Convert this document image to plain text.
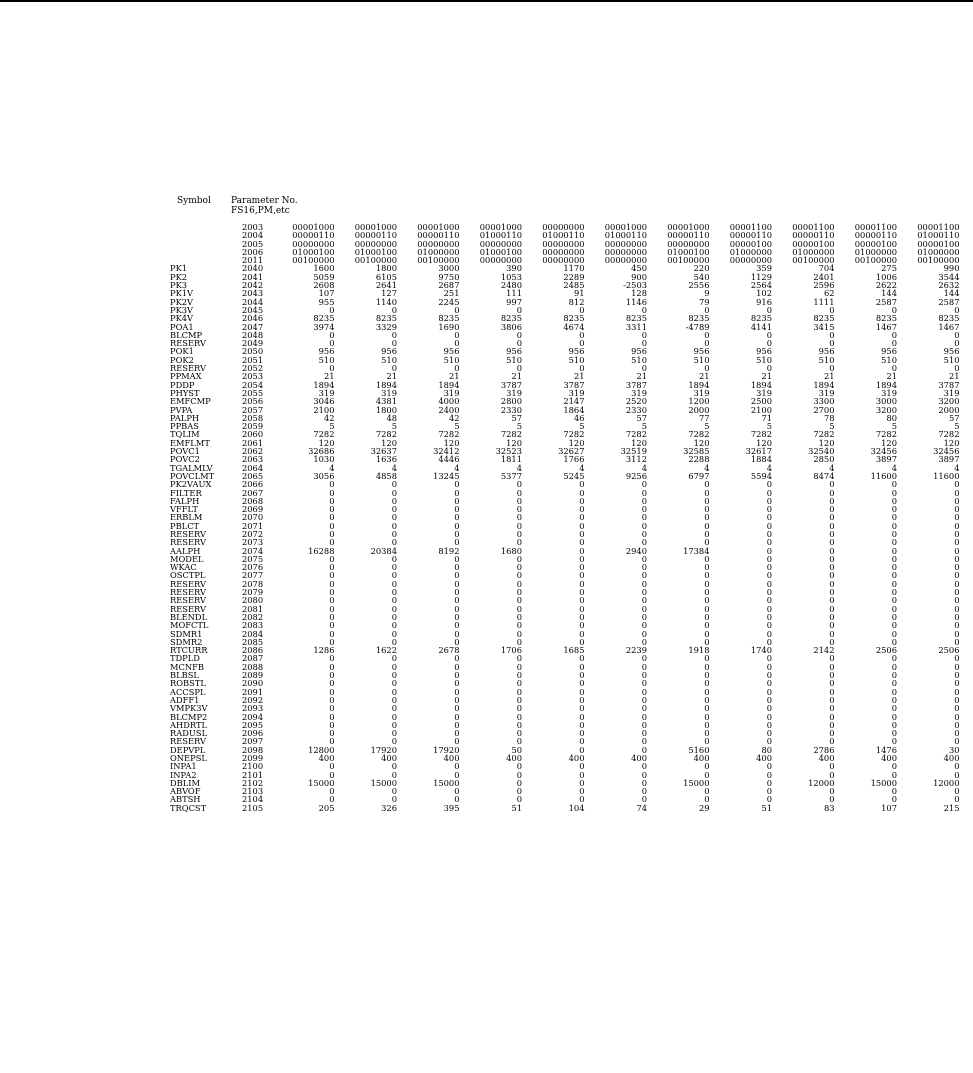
Symbol Parameter No.
FS16,PM,etc
	2003	00001000	00001000	00001000	00001000	00000000	00001000	00001000	00001100	00001100	00001100	00001100
	2004	00000110	00000110	00000110	01000110	01000110	01000110	00000110	00000110	00000110	00000110	01000110
	2005	00000000	00000000	00000000	00000000	00000000	00000000	00000000	00000100	00000100	00000100	00000100
	2006	01000100	01000100	01000000	01000100	00000000	00000000	01000100	01000000	01000000	01000000	01000000
	2011	00100000	00100000	00100000	00000000	00000000	00000000	00100000	00000000	00100000	00100000	00100000
PK1	2040	1600	1800	3000	390	1170	450	220	359	704	275	990
PK2	2041	5059	6105	9750	1053	2289	900	540	1129	2401	1006	3544
PK3	2042	2608	2641	2687	2480	2485	-2503	2556	2564	2596	2622	2632
PK1V	2043	107	127	251	111	91	128	9	102	62	144	144
PK2V	2044	955	1140	2245	997	812	1146	79	916	1111	2587	2587
PK3V	2045	0	0	0	0	0	0	0	0	0	0	0
PK4V	2046	8235	8235	8235	8235	8235	8235	8235	8235	8235	8235	8235
POA1	2047	3974	3329	1690	3806	4674	3311	-4789	4141	3415	1467	1467
BLCMP	2048	0	0	0	0	0	0	0	0	0	0	0
RESERV	2049	0	0	0	0	0	0	0	0	0	0	0
POK1	2050	956	956	956	956	956	956	956	956	956	956	956
POK2	2051	510	510	510	510	510	510	510	510	510	510	510
RESERV	2052	0	0	0	0	0	0	0	0	0	0	0
PPMAX	2053	21	21	21	21	21	21	21	21	21	21	21
PDDP	2054	1894	1894	1894	3787	3787	3787	1894	1894	1894	1894	3787
PHYST	2055	319	319	319	319	319	319	319	319	319	319	319
EMFCMP	2056	3046	4381	4000	2800	2147	2520	1200	2500	3300	3000	3200
PVPA	2057	2100	1800	2400	2330	1864	2330	2000	2100	2700	3200	2000
PALPH	2058	42	48	42	57	46	57	77	71	78	80	57
PPBAS	2059	5	5	5	5	5	5	5	5	5	5	5
TQLIM	2060	7282	7282	7282	7282	7282	7282	7282	7282	7282	7282	7282
EMFLMT	2061	120	120	120	120	120	120	120	120	120	120	120
POVC1	2062	32686	32637	32412	32523	32627	32519	32585	32617	32540	32456	32456
POVC2	2063	1030	1636	4446	1811	1766	3112	2288	1884	2850	3897	3897
TGALMLV	2064	4	4	4	4	4	4	4	4	4	4	4
POVCLMT	2065	3056	4858	13245	5377	5245	9256	6797	5594	8474	11600	11600
PK2VAUX	2066	0	0	0	0	0	0	0	0	0	0	0
FILTER	2067	0	0	0	0	0	0	0	0	0	0	0
FALPH	2068	0	0	0	0	0	0	0	0	0	0	0
VFFLT	2069	0	0	0	0	0	0	0	0	0	0	0
ERBLM	2070	0	0	0	0	0	0	0	0	0	0	0
PBLCT	2071	0	0	0	0	0	0	0	0	0	0	0
RESERV	2072	0	0	0	0	0	0	0	0	0	0	0
RESERV	2073	0	0	0	0	0	0	0	0	0	0	0
AALPH	2074	16288	20384	8192	1680	0	2940	17384	0	0	0	0
MODEL	2075	0	0	0	0	0	0	0	0	0	0	0
WKAC	2076	0	0	0	0	0	0	0	0	0	0	0
OSCTPL	2077	0	0	0	0	0	0	0	0	0	0	0
RESERV	2078	0	0	0	0	0	0	0	0	0	0	0
RESERV	2079	0	0	0	0	0	0	0	0	0	0	0
RESERV	2080	0	0	0	0	0	0	0	0	0	0	0
RESERV	2081	0	0	0	0	0	0	0	0	0	0	0
BLENDL	2082	0	0	0	0	0	0	0	0	0	0	0
MOFCTL	2083	0	0	0	0	0	0	0	0	0	0	0
SDMR1	2084	0	0	0	0	0	0	0	0	0	0	0
SDMR2	2085	0	0	0	0	0	0	0	0	0	0	0
RTCURR	2086	1286	1622	2678	1706	1685	2239	1918	1740	2142	2506	2506
TDPLD	2087	0	0	0	0	0	0	0	0	0	0	0
MCNFB	2088	0	0	0	0	0	0	0	0	0	0	0
BLBSL	2089	0	0	0	0	0	0	0	0	0	0	0
ROBSTL	2090	0	0	0	0	0	0	0	0	0	0	0
ACCSPL	2091	0	0	0	0	0	0	0	0	0	0	0
ADFF1	2092	0	0	0	0	0	0	0	0	0	0	0
VMPK3V	2093	0	0	0	0	0	0	0	0	0	0	0
BLCMP2	2094	0	0	0	0	0	0	0	0	0	0	0
AHDRTL	2095	0	0	0	0	0	0	0	0	0	0	0
RADUSL	2096	0	0	0	0	0	0	0	0	0	0	0
RESERV	2097	0	0	0	0	0	0	0	0	0	0	0
DEPVPL	2098	12800	17920	17920	50	0	0	5160	80	2786	1476	30
ONEPSL	2099	400	400	400	400	400	400	400	400	400	400	400
INPA1	2100	0	0	0	0	0	0	0	0	0	0	0
INPA2	2101	0	0	0	0	0	0	0	0	0	0	0
DBLIM	2102	15000	15000	15000	0	0	0	15000	0	12000	15000	12000
ABVOF	2103	0	0	0	0	0	0	0	0	0	0	0
ABTSH	2104	0	0	0	0	0	0	0	0	0	0	0
TRQCST	2105	205	326	395	51	104	74	29	51	83	107	215
